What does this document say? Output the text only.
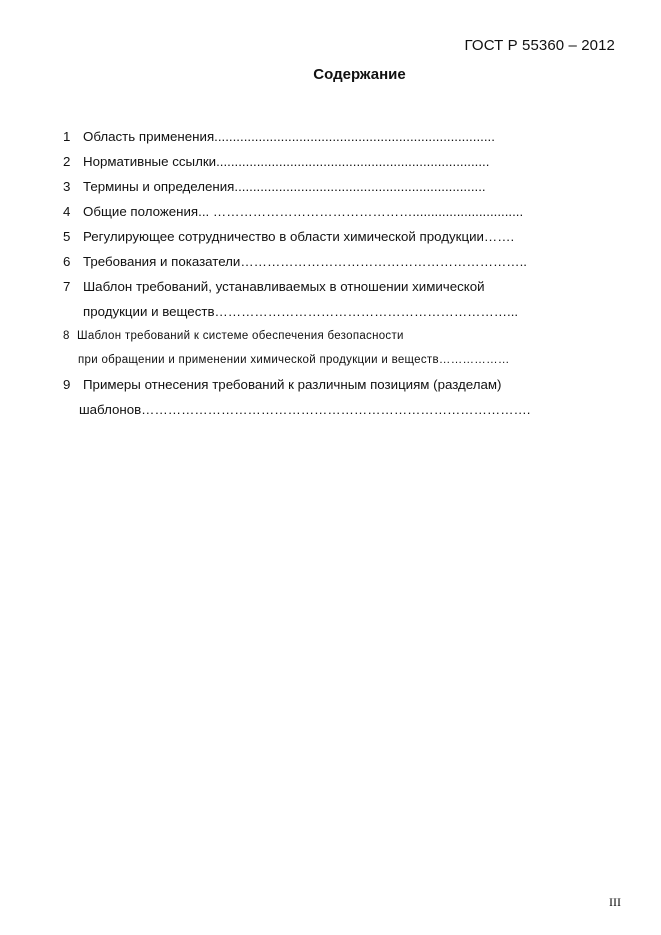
ГОСТ Р 55360 – 2012
Содержание
1 Область применения............................................................................
2 Нормативные ссылки..........................................................................
3 Термины и определения....................................................................
4 Общие положения... ………………………………………..............................
5 Регулирующее сотрудничество в области химической продукции…….
6 Требования и показатели………………………………………………………..
7 Шаблон требований, устанавливаемых в отношении химической
продукции и веществ…………………………………………………………...
8 Шаблон требований к системе обеспечения безопасности
при обращении и применении химической продукции и веществ………………
9 Примеры отнесения требований к различным позициям (разделам)
шаблонов…………………………………………………………………………….
III
